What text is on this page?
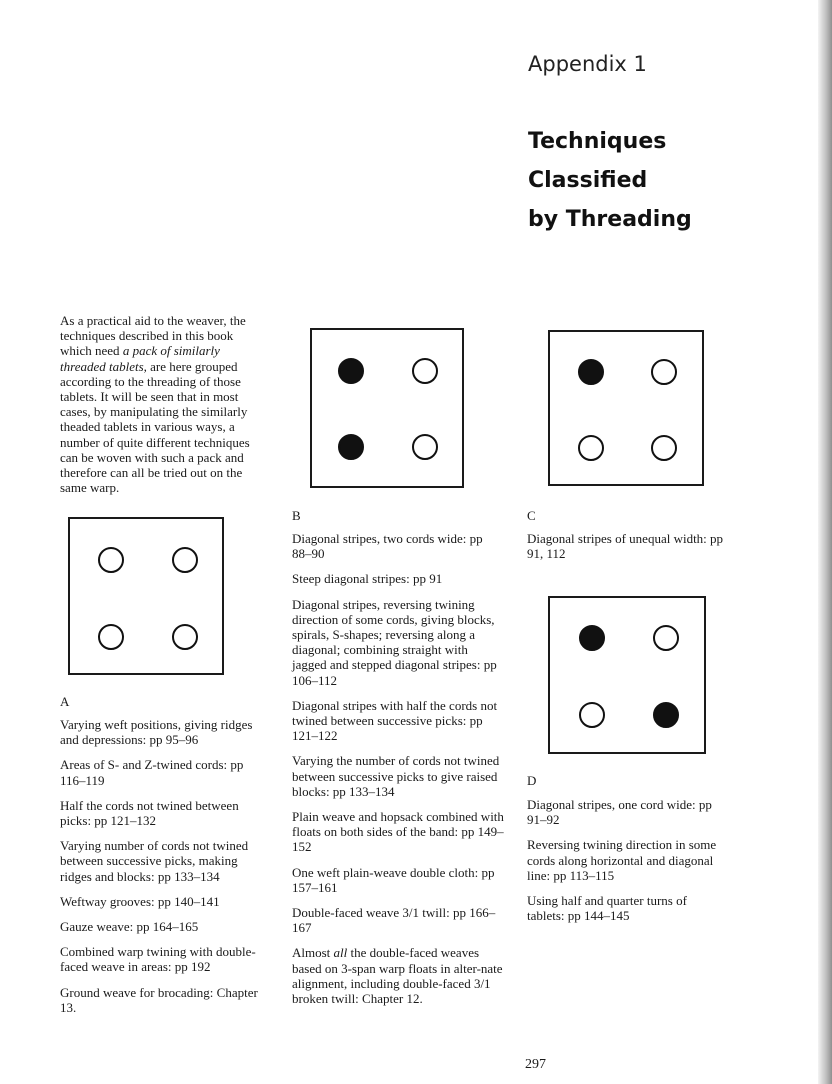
Appendix 1
Techniques
Classified
by Threading
As a practical aid to the weaver, the techniques described in this book which need a pack of similarly threaded tablets, are here grouped according to the threading of those tablets. It will be seen that in most cases, by manipulating the similarly theaded tablets in various ways, a number of quite different techniques can be woven with such a pack and therefore can all be tried out on the same warp.
A

Varying weft positions, giving ridges and depressions: pp 95–96

Areas of S- and Z-twined cords: pp 116–119

Half the cords not twined between picks: pp 121–132

Varying number of cords not twined between successive picks, making ridges and blocks: pp 133–134

Weftway grooves: pp 140–141

Gauze weave: pp 164–165

Combined warp twining with double-faced weave in areas: pp 192

Ground weave for brocading: Chapter 13.

B

Diagonal stripes, two cords wide: pp 88–90

Steep diagonal stripes: pp 91

Diagonal stripes, reversing twining direction of some cords, giving blocks, spirals, S-shapes; reversing along a diagonal; combining straight with jagged and stepped diagonal stripes: pp 106–112

Diagonal stripes with half the cords not twined between successive picks: pp 121–122

Varying the number of cords not twined between successive picks to give raised blocks: pp 133–134

Plain weave and hopsack combined with floats on both sides of the band: pp 149–152

One weft plain-weave double cloth: pp 157–161

Double-faced weave 3/1 twill: pp 166–167

Almost all the double-faced weaves based on 3-span warp floats in alter-nate alignment, including double-faced 3/1 broken twill: Chapter 12.

C

Diagonal stripes of unequal width: pp 91, 112

D

Diagonal stripes, one cord wide: pp 91–92

Reversing twining direction in some cords along horizontal and diagonal line: pp 113–115

Using half and quarter turns of tablets: pp 144–145

297
